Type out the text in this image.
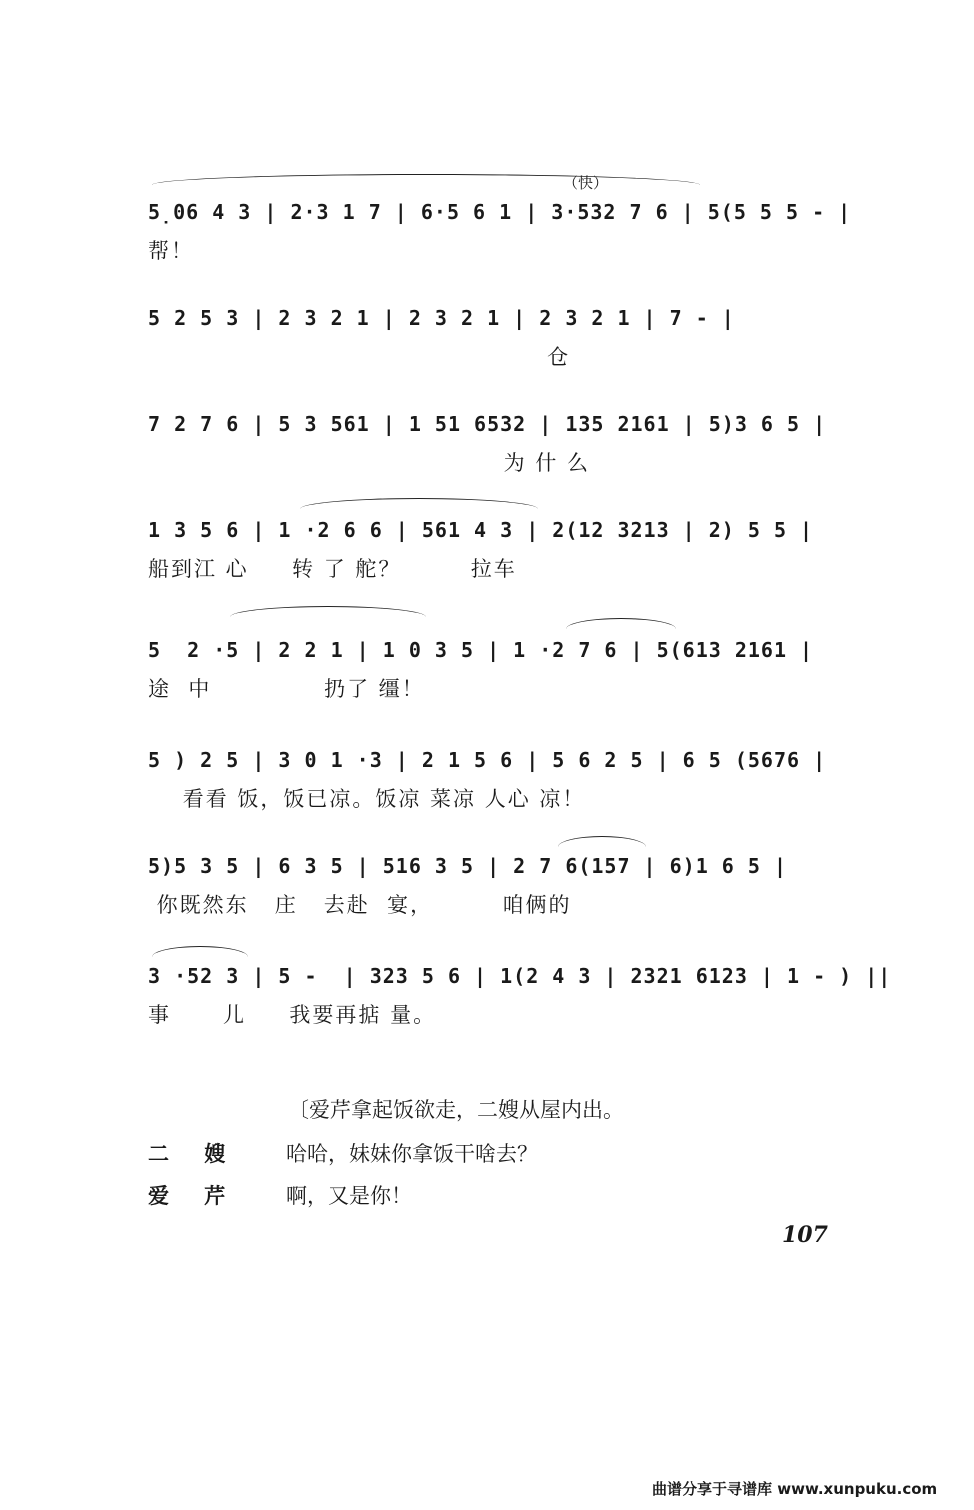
（快）
5̣06 4 3 | 2·3 1 7 | 6·5 6 1 | 3·532 7 6 | 5(5 5 5 - |
帮！
5 2 5 3 | 2 3 2 1 | 2 3 2 1 | 2 3 2 1 | 7 - |
仓
7 2 7 6 | 5 3 561 | 1 51 6532 | 135 2161 | 5)3 6 5 |
为 什 么
1 3 5 6 | 1 ·2 6 6 | 561 4 3 | 2(12 3213 | 2) 5 5 |
船到江 心     转 了 舵？        拉车
5  2 ·5 | 2 2 1 | 1 0 3 5 | 1 ·2 7 6 | 5(613 2161 |
途  中             扔了 缰！
5 ) 2 5 | 3 0 1 ·3 | 2 1 5 6 | 5 6 2 5 | 6 5 (5676 |
看看 饭，饭已凉。饭凉 菜凉 人心 凉！
5)5 3 5 | 6 3 5 | 516 3 5 | 2 7 6(157 | 6)1 6 5 |
你既然东   庄   去赴  宴，        咱俩的
3 ·52 3 | 5 -  | 323 5 6 | 1(2 4 3 | 2321 6123 | 1 - ) ||
事      儿     我要再掂 量。
〔爱芹拿起饭欲走，二嫂从屋内出。
二 嫂 哈哈，妹妹你拿饭干啥去？
爱 芹 啊，又是你！
107
曲谱分享于寻谱库 www.xunpuku.com
